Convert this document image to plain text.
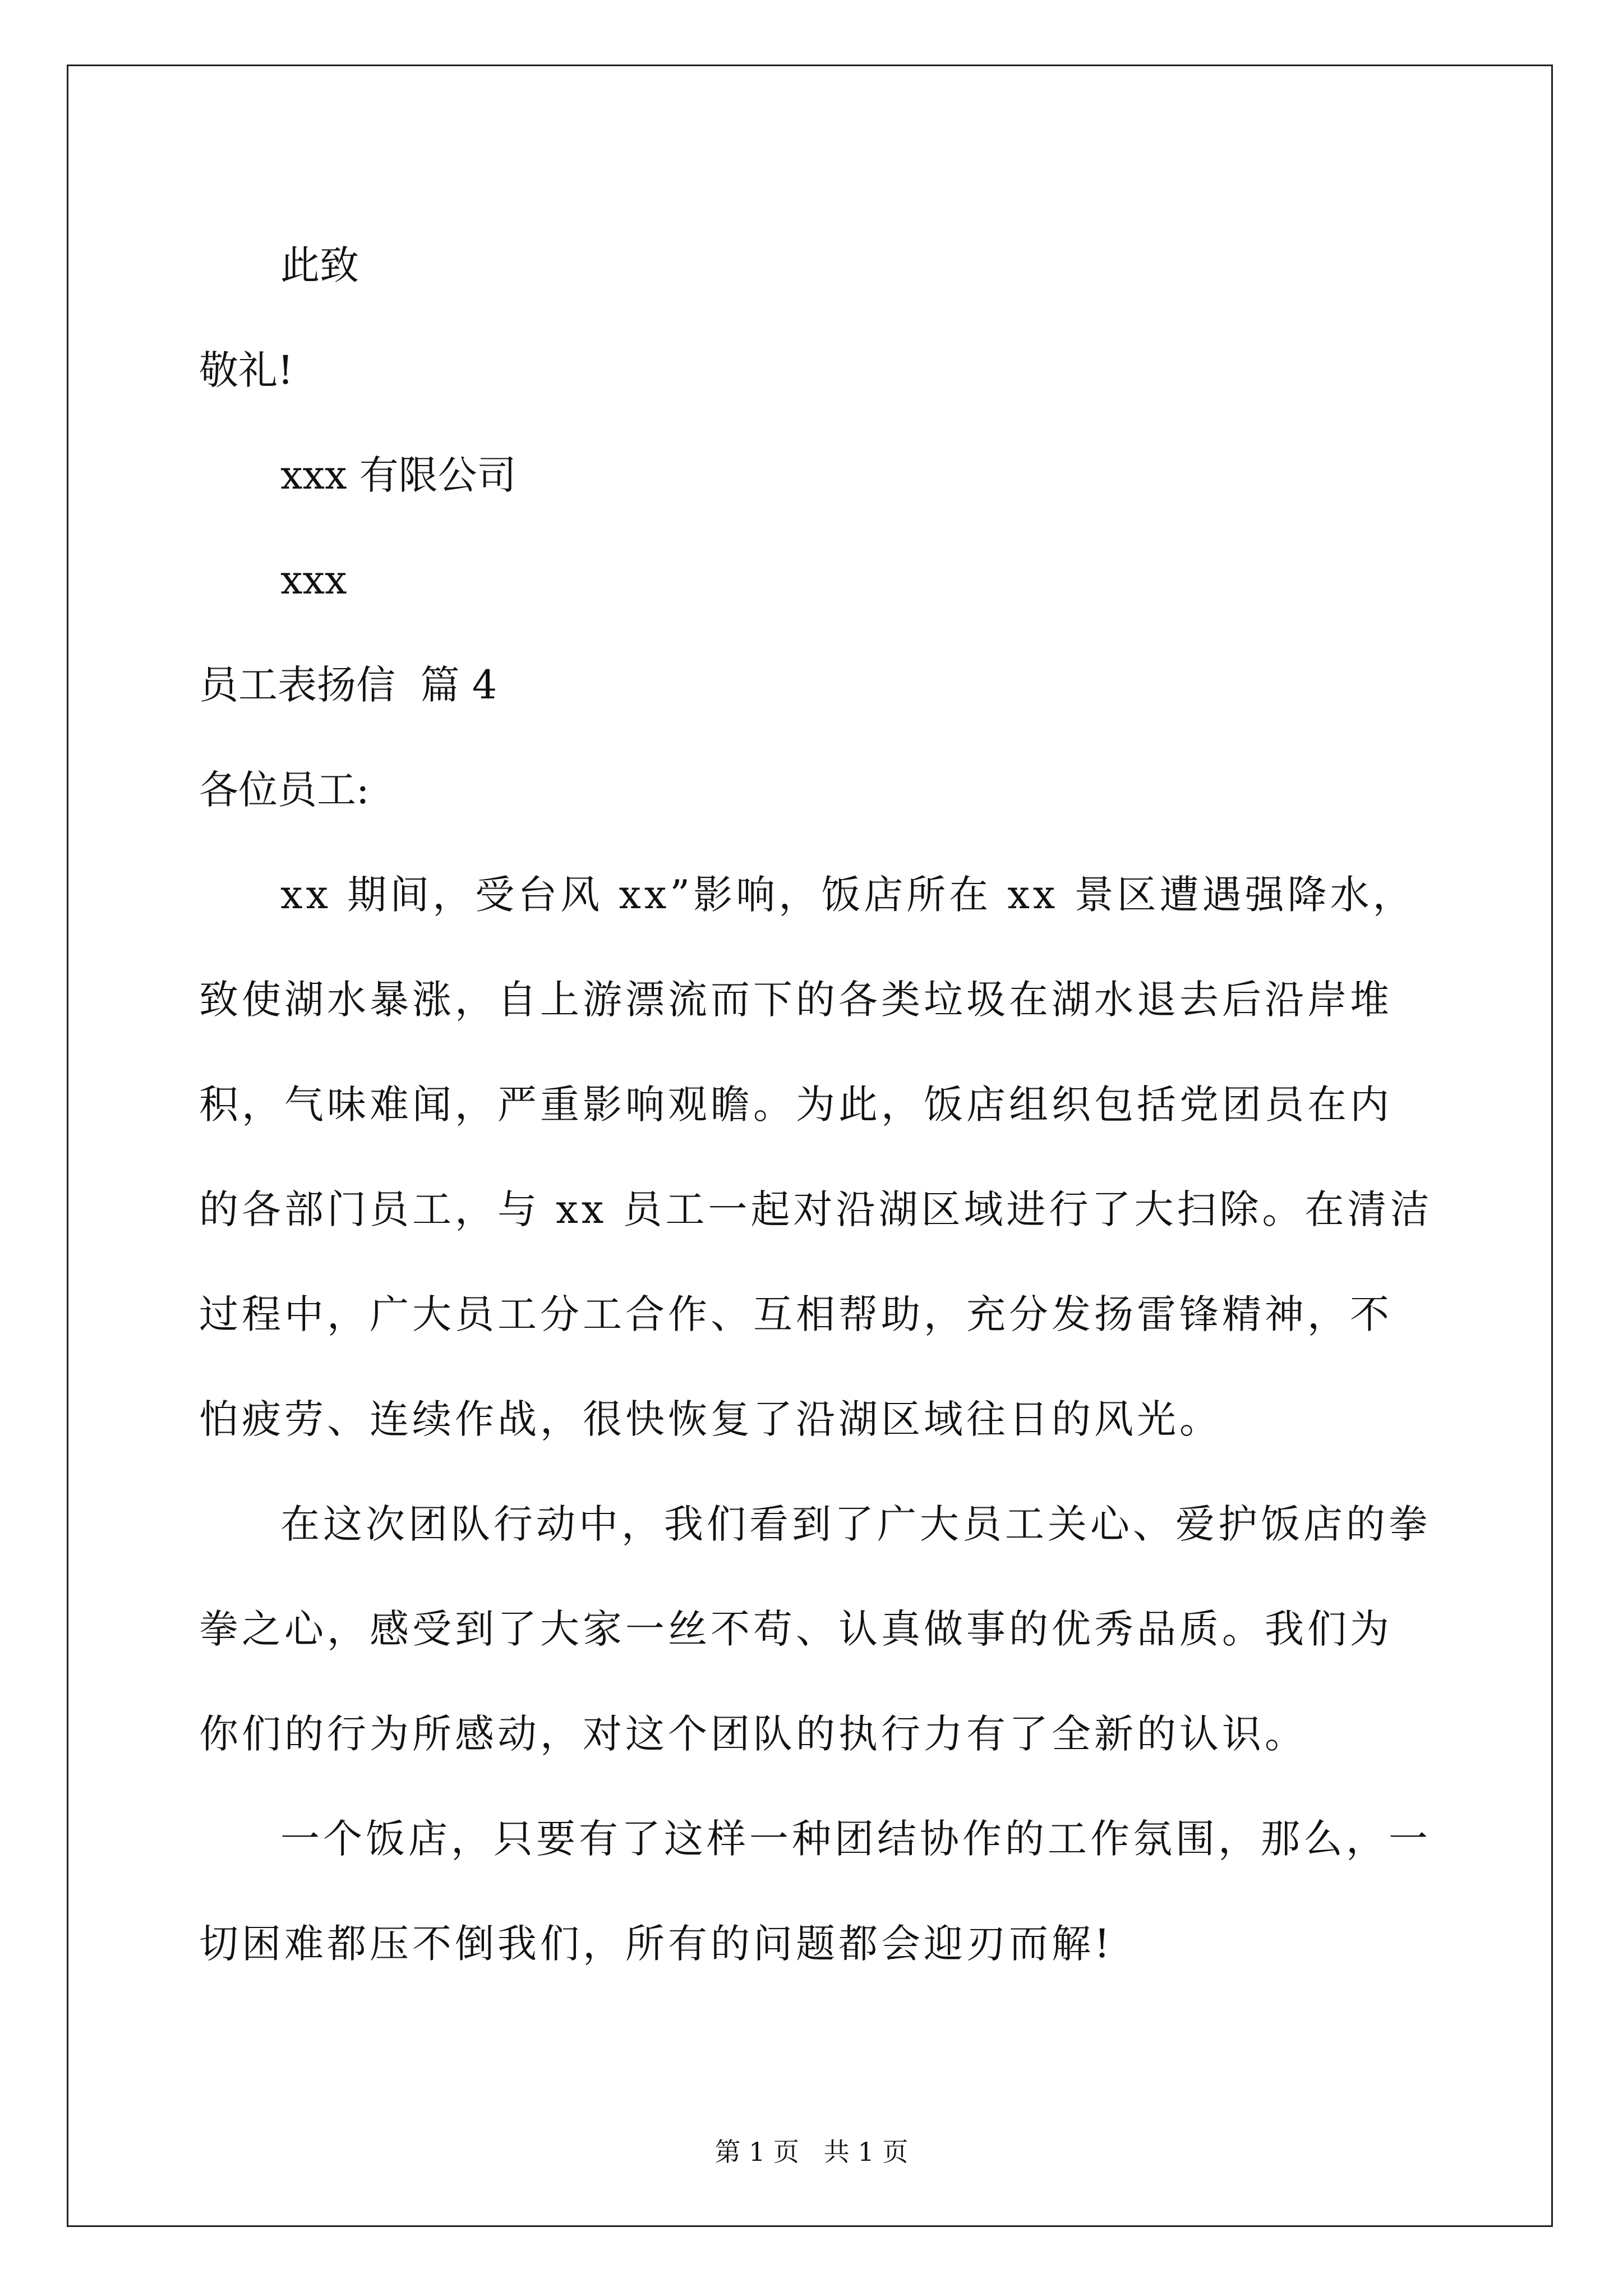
此致
敬礼!
xxx 有限公司
xxx
员工表扬信  篇 4
各位员工:

xx 期间，受台风 xx”影响，饭店所在 xx 景区遭遇强降水，致使湖水暴涨，自上游漂流而下的各类垃圾在湖水退去后沿岸堆积，气味难闻，严重影响观瞻。为此，饭店组织包括党团员在内的各部门员工，与 xx 员工一起对沿湖区域进行了大扫除。在清洁过程中，广大员工分工合作、互相帮助，充分发扬雷锋精神，不怕疲劳、连续作战，很快恢复了沿湖区域往日的风光。

在这次团队行动中，我们看到了广大员工关心、爱护饭店的拳拳之心，感受到了大家一丝不苟、认真做事的优秀品质。我们为你们的行为所感动，对这个团队的执行力有了全新的认识。

一个饭店，只要有了这样一种团结协作的工作氛围，那么，一切困难都压不倒我们，所有的问题都会迎刃而解!

第 1 页   共 1 页
